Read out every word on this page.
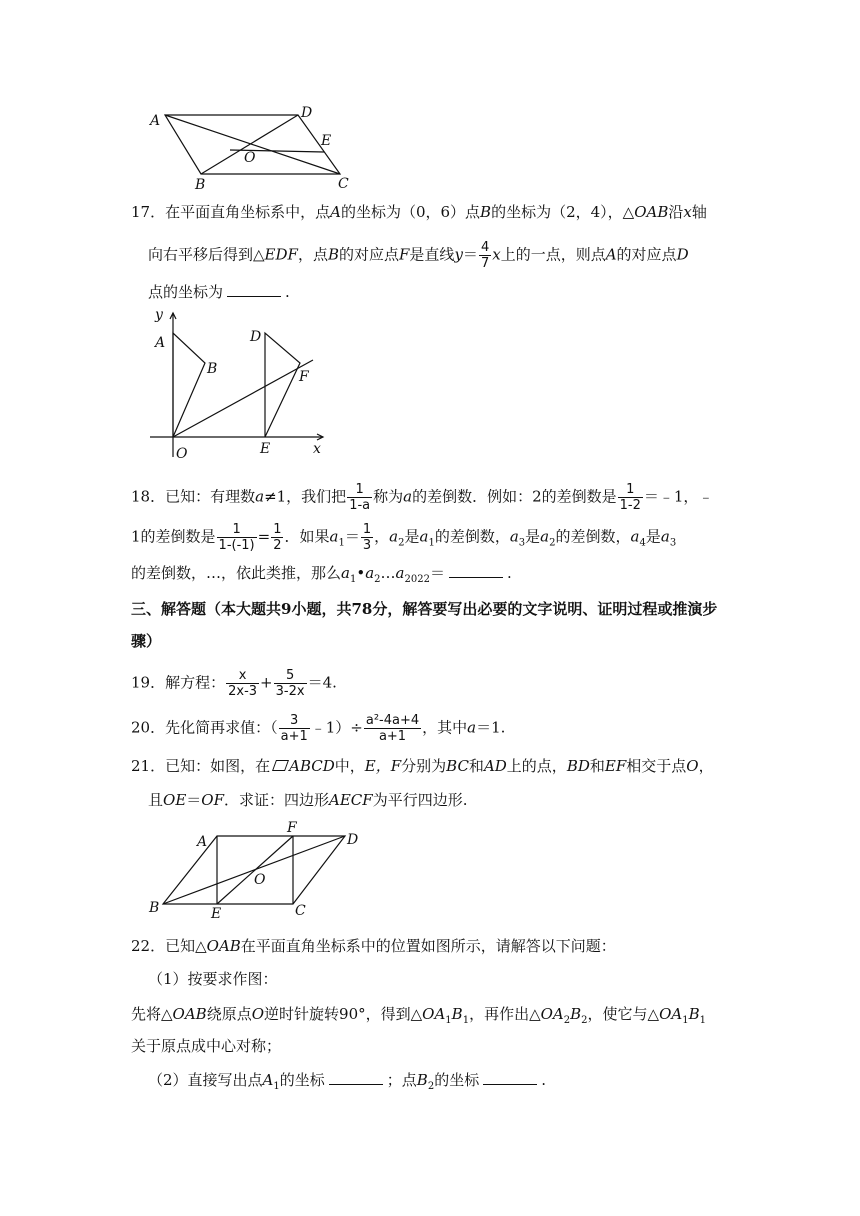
A	D
E
O
B	C
17．在平面直角坐标系中，点A的坐标为（0，6）点B的坐标为（2，4），△OAB沿x轴
向右平移后得到△EDF，点B的对应点F是直线$y= \frac{4}{7}$ x上的一点，则点A的对应点D
点的坐标为	.
y
x
A
B
D
F
O	E
18．已知：有理数a≠1，我们把 $\frac{1}{1-a}$ 称为a的差倒数．例如：2的差倒数是 $\frac{1}{1-2}$ ＝﹣1，﹣
1的差倒数是 $\frac{1}{1-(-1)} = \frac{1}{2}$ ．如果$a_1= \frac{1}{3}$ ，$a_2$是$a_1$的差倒数，$a_3$是$a_2$的差倒数，$a_4$是$a_3$
的差倒数，…，依此类推，那么$a_1•a_2\dots a_{2022}=$	.
三、解答题（本大题共9小题，共78分，解答要写出必要的文字说明、证明过程或推演步
骤）
19．解方程： $\frac{x}{2x-3} + \frac{5}{3-2x} =4$.
20．先化简再求值：（ $\frac{3}{a+1}$ ﹣1）÷ $\frac{\text{a²-4a+4}}{a+1}$ ，其中a＝1.
21．已知：如图，在 ABCD中，E，F分别为BC和AD上的点，BD和EF相交于点O，
且OE＝OF．求证：四边形AECF为平行四边形.
A
F
D
O
B	E	C
22．已知△OAB在平面直角坐标系中的位置如图所示，请解答以下问题：
（1）按要求作图：
先将△OAB绕原点O逆时针旋转90°，得到$\triangle OA_1B_1$，再作出$\triangle OA_2B_2$，使它与$\triangle OA_1B_1$
关于原点成中心对称；
（2）直接写出点$A_1$的坐标	；点$B_2$的坐标	.
